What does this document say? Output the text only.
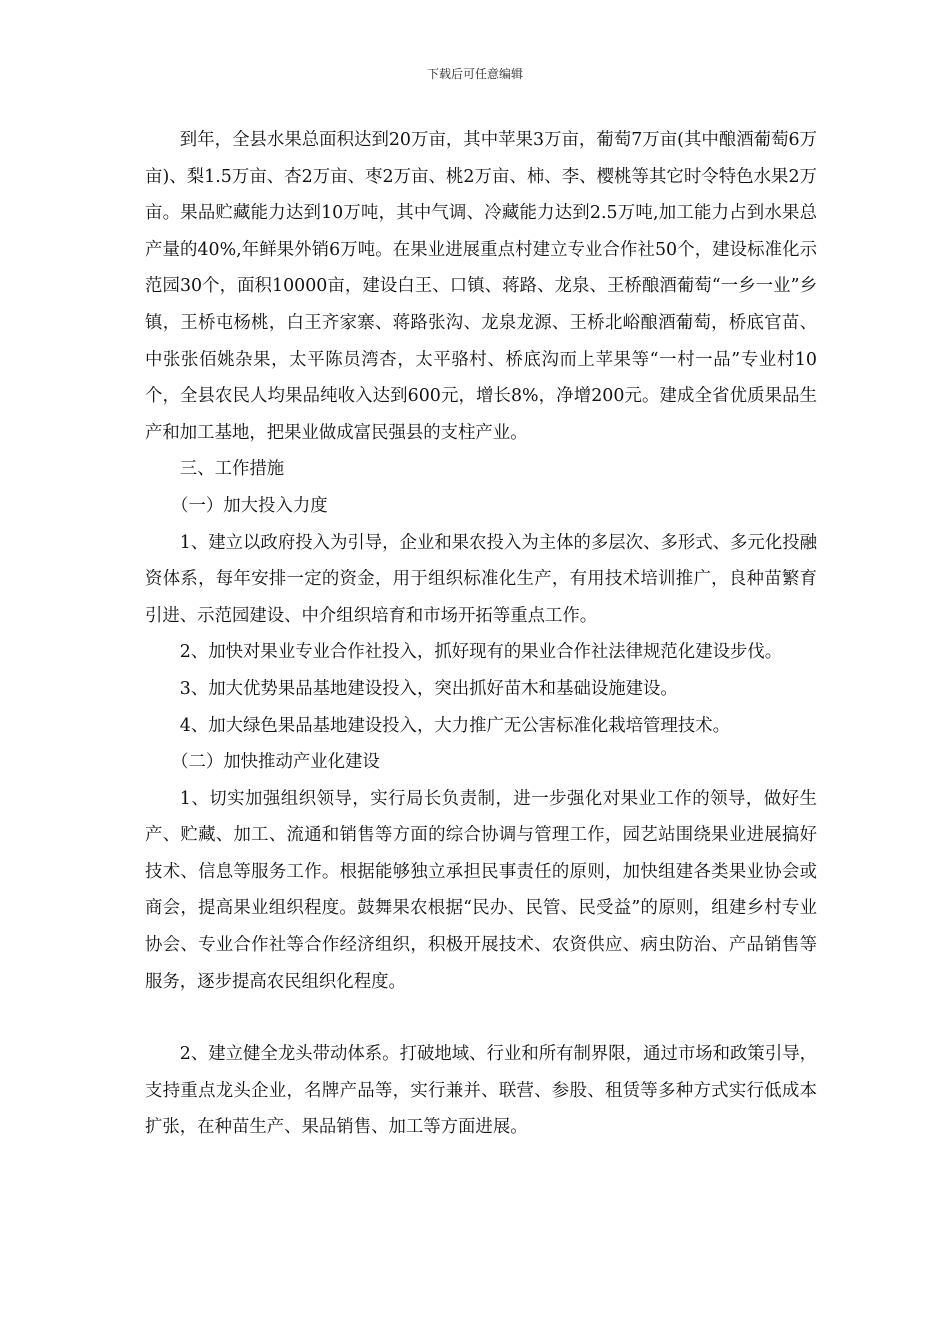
下载后可任意编辑

到年，全县水果总面积达到20万亩，其中苹果3万亩，葡萄7万亩(其中酿酒葡萄6万亩)、梨1.5万亩、杏2万亩、枣2万亩、桃2万亩、柿、李、樱桃等其它时令特色水果2万亩。果品贮藏能力达到10万吨，其中气调、冷藏能力达到2.5万吨,加工能力占到水果总产量的40%,年鲜果外销6万吨。在果业进展重点村建立专业合作社50个，建设标准化示范园30个，面积10000亩，建设白王、口镇、蒋路、龙泉、王桥酿酒葡萄“一乡一业”乡镇，王桥屯杨桃，白王齐家寨、蒋路张沟、龙泉龙源、王桥北峪酿酒葡萄，桥底官苗、中张张佰姚杂果，太平陈员湾杏，太平骆村、桥底沟而上苹果等“一村一品”专业村10个，全县农民人均果品纯收入达到600元，增长8%，净增200元。建成全省优质果品生产和加工基地，把果业做成富民强县的支柱产业。

三、工作措施

（一）加大投入力度

1、建立以政府投入为引导，企业和果农投入为主体的多层次、多形式、多元化投融资体系，每年安排一定的资金，用于组织标准化生产，有用技术培训推广，良种苗繁育引进、示范园建设、中介组织培育和市场开拓等重点工作。

2、加快对果业专业合作社投入，抓好现有的果业合作社法律规范化建设步伐。

3、加大优势果品基地建设投入，突出抓好苗木和基础设施建设。

4、加大绿色果品基地建设投入，大力推广无公害标准化栽培管理技术。

（二）加快推动产业化建设

1、切实加强组织领导，实行局长负责制，进一步强化对果业工作的领导，做好生产、贮藏、加工、流通和销售等方面的综合协调与管理工作，园艺站围绕果业进展搞好技术、信息等服务工作。根据能够独立承担民事责任的原则，加快组建各类果业协会或商会，提高果业组织程度。鼓舞果农根据“民办、民管、民受益”的原则，组建乡村专业协会、专业合作社等合作经济组织，积极开展技术、农资供应、病虫防治、产品销售等服务，逐步提高农民组织化程度。

2、建立健全龙头带动体系。打破地域、行业和所有制界限，通过市场和政策引导，支持重点龙头企业，名牌产品等，实行兼并、联营、参股、租赁等多种方式实行低成本扩张，在种苗生产、果品销售、加工等方面进展。
